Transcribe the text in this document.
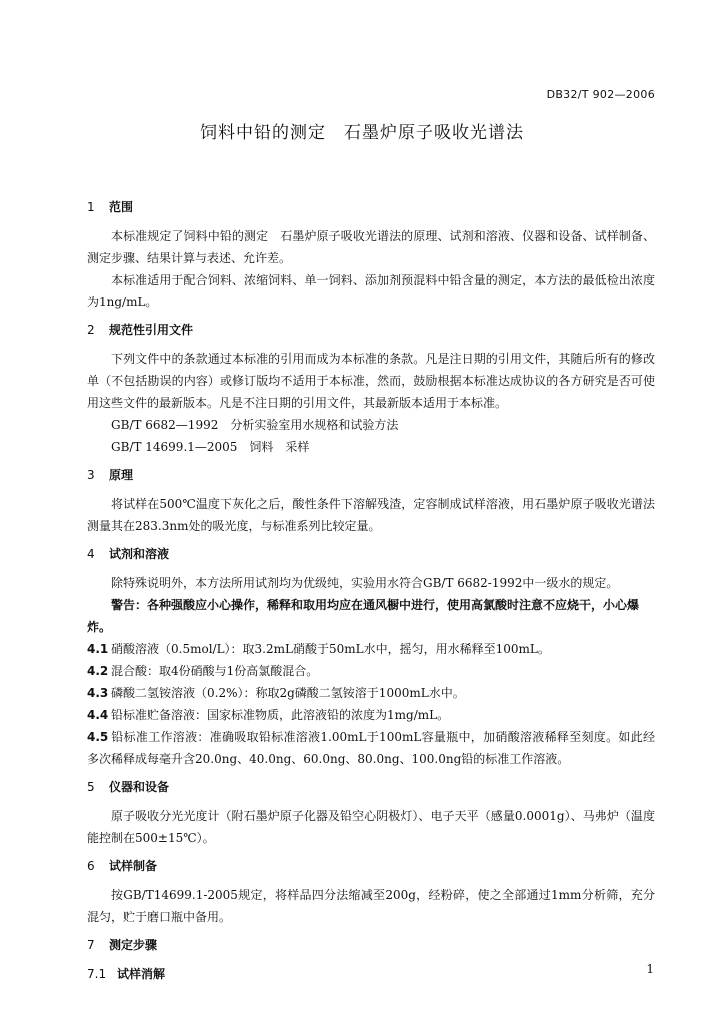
DB32/T 902—2006
饲料中铅的测定　石墨炉原子吸收光谱法
1 范围

本标准规定了饲料中铅的测定　石墨炉原子吸收光谱法的原理、试剂和溶液、仪器和设备、试样制备、测定步骤、结果计算与表述、允许差。

本标准适用于配合饲料、浓缩饲料、单一饲料、添加剂预混料中铅含量的测定，本方法的最低检出浓度为1ng/mL。

2 规范性引用文件

下列文件中的条款通过本标准的引用而成为本标准的条款。凡是注日期的引用文件，其随后所有的修改单（不包括勘误的内容）或修订版均不适用于本标准，然而，鼓励根据本标准达成协议的各方研究是否可使用这些文件的最新版本。凡是不注日期的引用文件，其最新版本适用于本标准。

GB/T 6682—1992　分析实验室用水规格和试验方法

GB/T 14699.1—2005　饲料　采样

3 原理

将试样在500℃温度下灰化之后，酸性条件下溶解残渣，定容制成试样溶液，用石墨炉原子吸收光谱法测量其在283.3nm处的吸光度，与标准系列比较定量。

4 试剂和溶液

除特殊说明外，本方法所用试剂均为优级纯，实验用水符合GB/T 6682-1992中一级水的规定。

警告：各种强酸应小心操作，稀释和取用均应在通风橱中进行，使用高氯酸时注意不应烧干，小心爆炸。

4.1 硝酸溶液（0.5mol/L）：取3.2mL硝酸于50mL水中，摇匀，用水稀释至100mL。

4.2 混合酸：取4份硝酸与1份高氯酸混合。

4.3 磷酸二氢铵溶液（0.2%）：称取2g磷酸二氢铵溶于1000mL水中。

4.4 铅标准贮备溶液：国家标准物质，此溶液铅的浓度为1mg/mL。

4.5 铅标准工作溶液：准确吸取铅标准溶液1.00mL于100mL容量瓶中，加硝酸溶液稀释至刻度。如此经多次稀释成每毫升含20.0ng、40.0ng、60.0ng、80.0ng、100.0ng铅的标准工作溶液。

5 仪器和设备

原子吸收分光光度计（附石墨炉原子化器及铅空心阴极灯）、电子天平（感量0.0001g）、马弗炉（温度能控制在500±15℃）。

6 试样制备

按GB/T14699.1-2005规定，将样品四分法缩减至200g，经粉碎，使之全部通过1mm分析筛，充分混匀，贮于磨口瓶中备用。

7 测定步骤
7.1 试样消解	1
